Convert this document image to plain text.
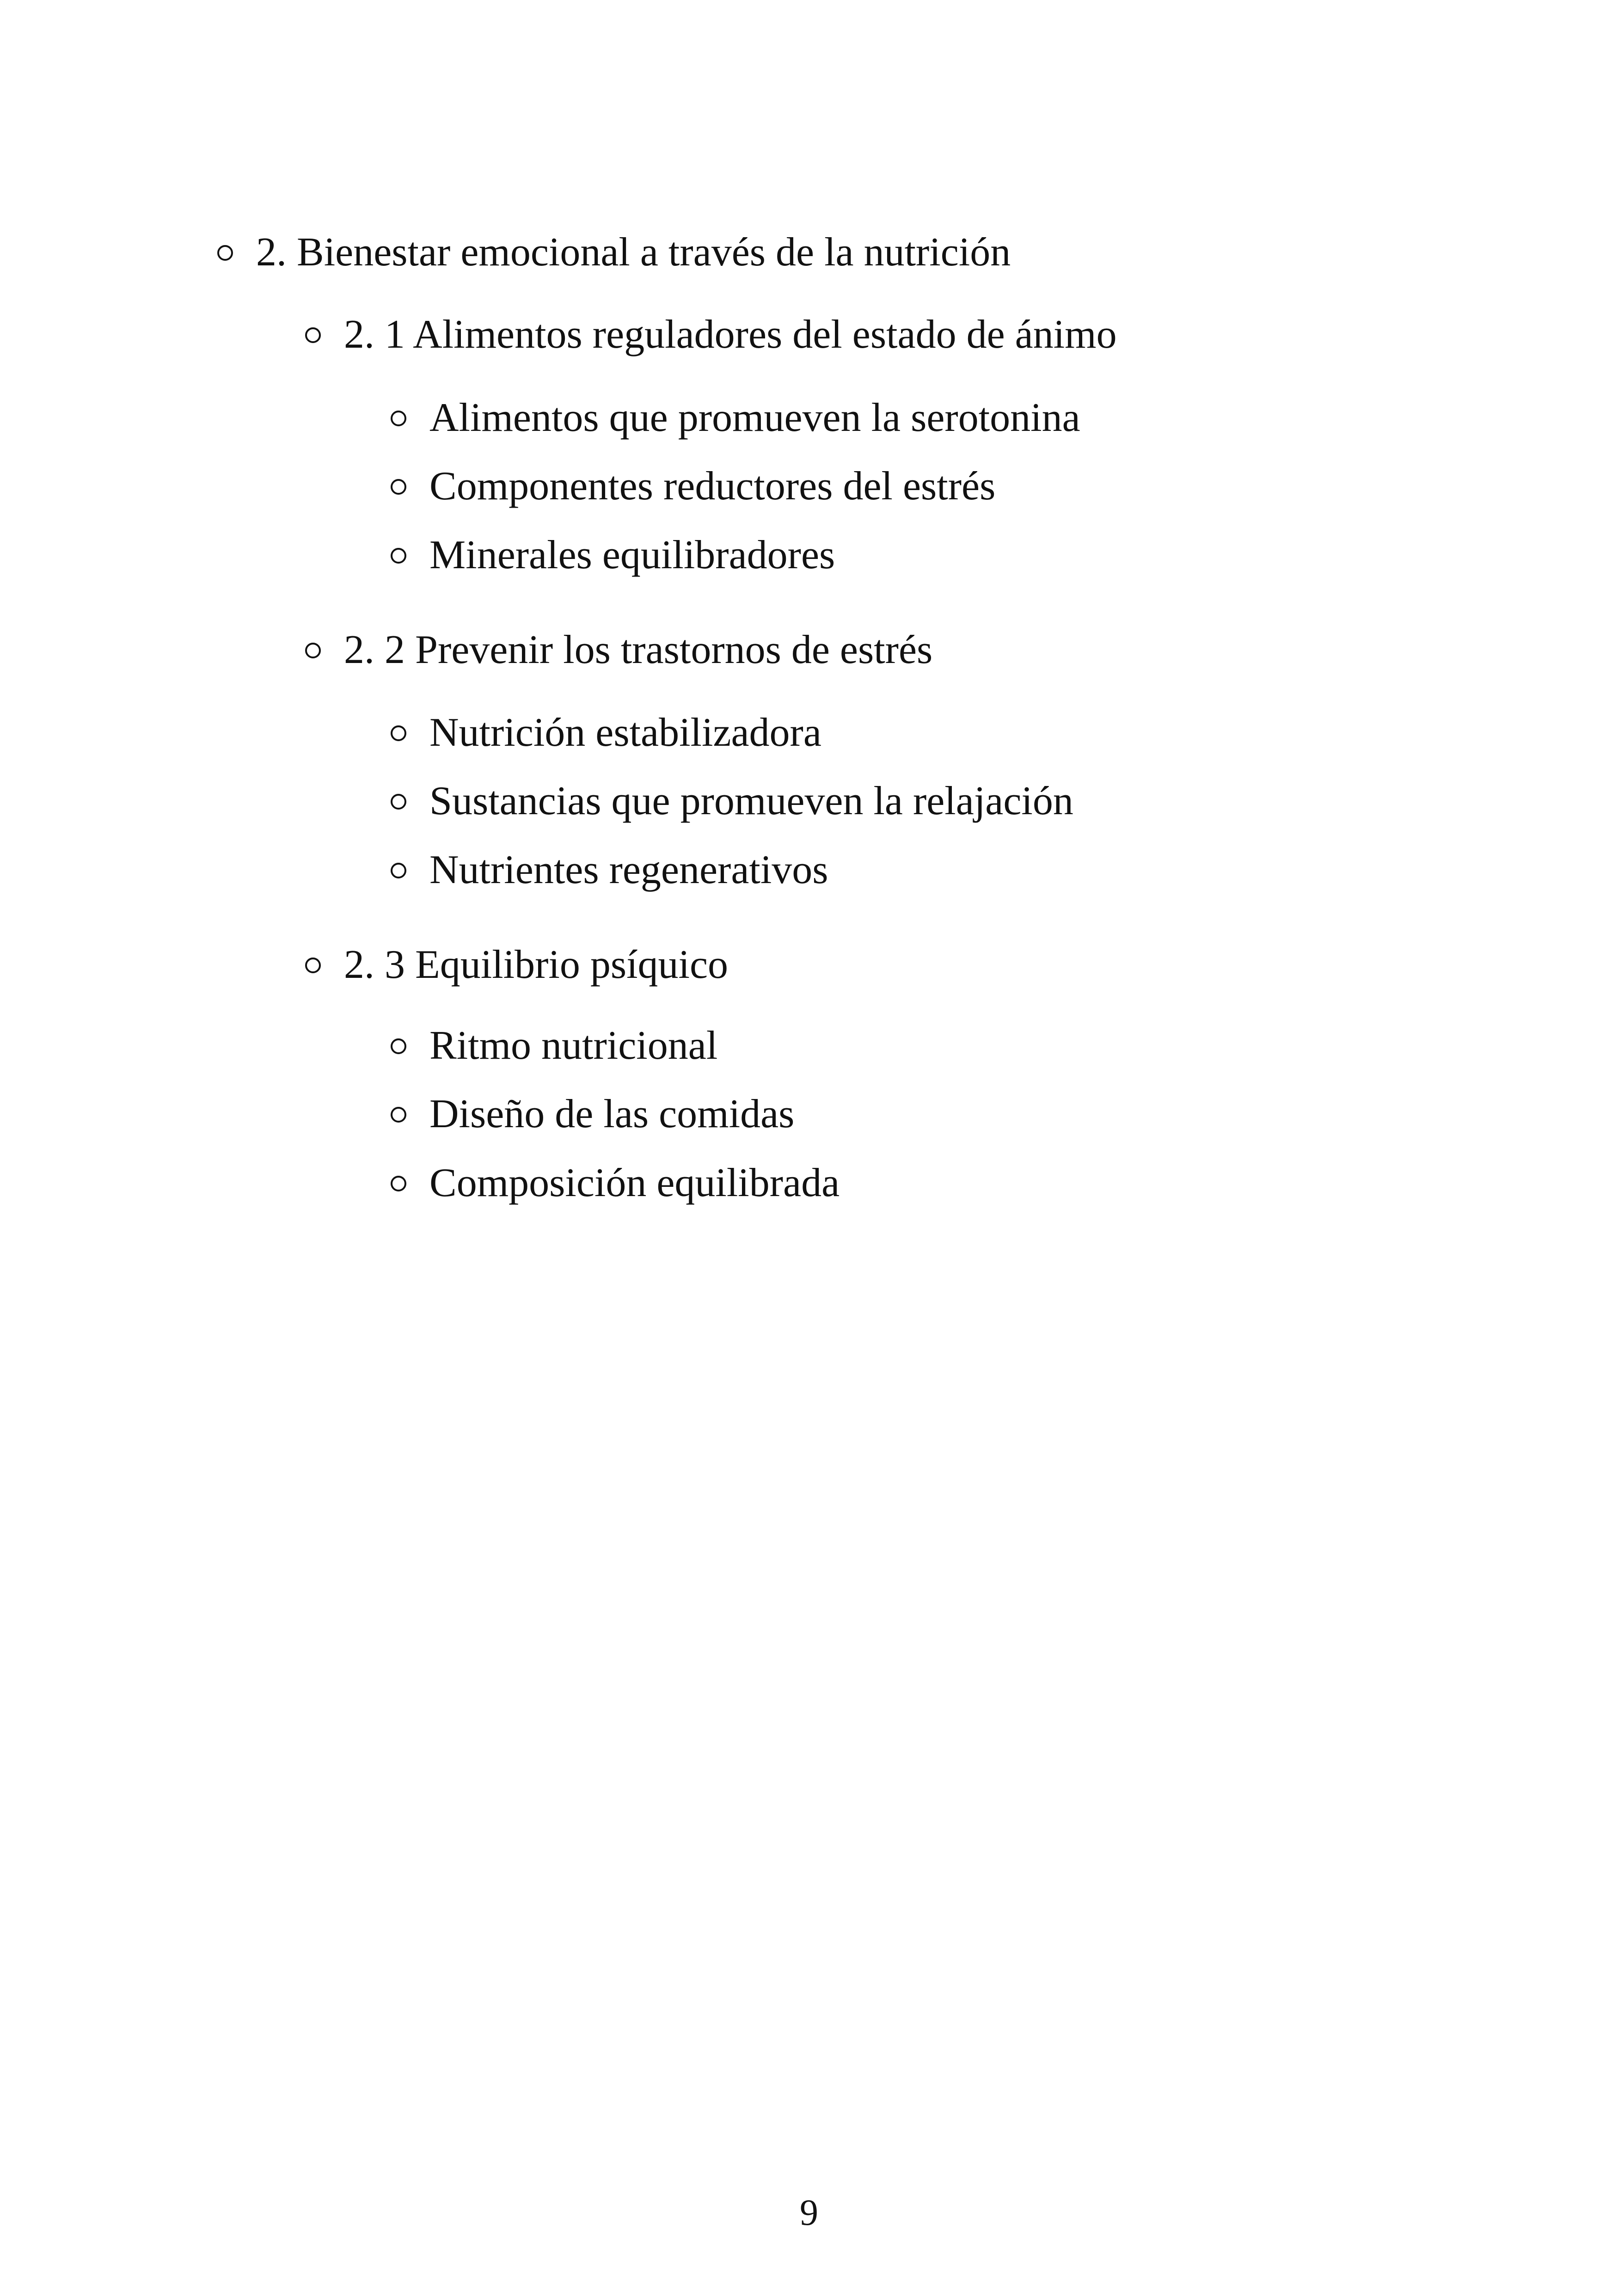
2. Bienestar emocional a través de la nutrición
2. 1 Alimentos reguladores del estado de ánimo
Alimentos que promueven la serotonina
Componentes reductores del estrés
Minerales equilibradores
2. 2 Prevenir los trastornos de estrés
Nutrición estabilizadora
Sustancias que promueven la relajación
Nutrientes regenerativos
2. 3 Equilibrio psíquico
Ritmo nutricional
Diseño de las comidas
Composición equilibrada
9
